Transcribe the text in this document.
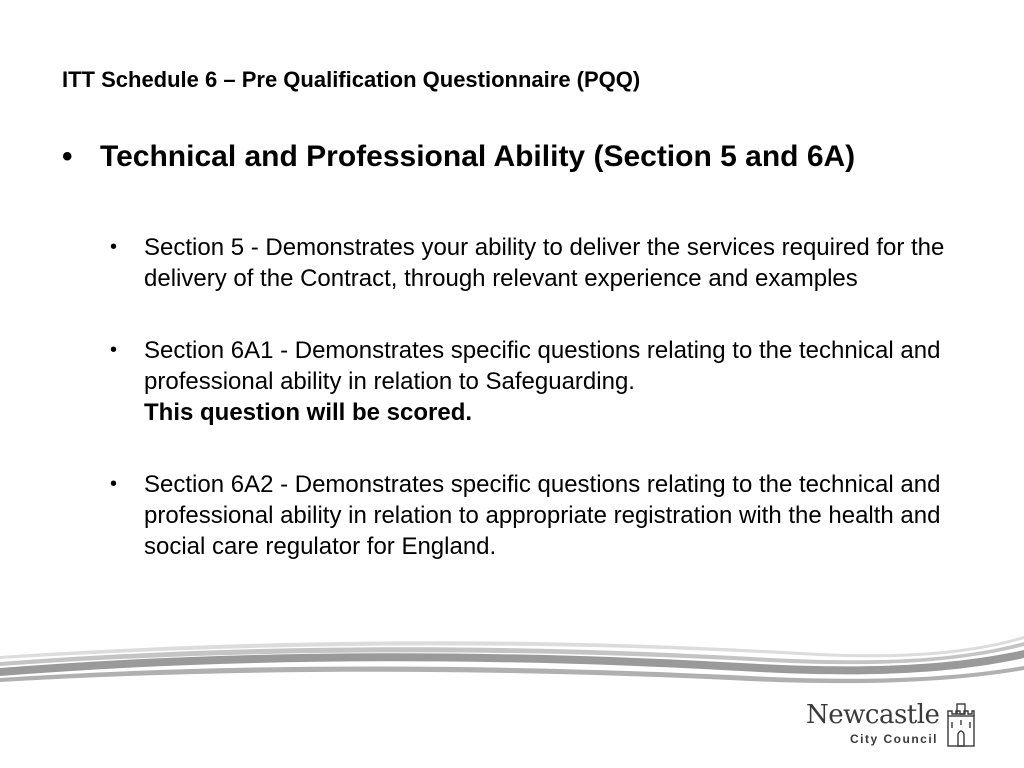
ITT Schedule 6 – Pre Qualification Questionnaire (PQQ)
• Technical and Professional Ability (Section 5 and 6A)
•	Section 5 - Demonstrates your ability to deliver the services required for the delivery of the Contract, through relevant experience and examples
•	Section 6A1 - Demonstrates specific questions relating to the technical and professional ability in relation to Safeguarding.
This question will be scored.
•	Section 6A2 - Demonstrates specific questions relating to the technical and professional ability in relation to appropriate registration with the health and social care regulator for England.
Newcastle
City Council
